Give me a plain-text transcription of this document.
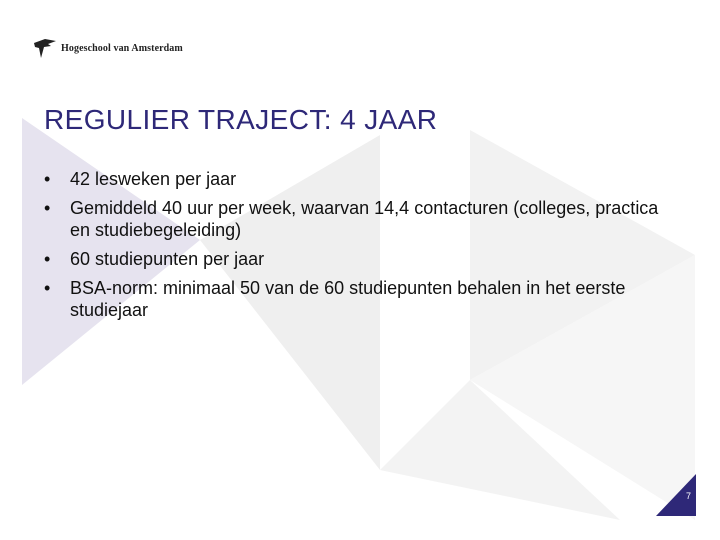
Hogeschool van Amsterdam
REGULIER TRAJECT: 4 JAAR
• 42 lesweken per jaar
• Gemiddeld 40 uur per week, waarvan 14,4 contacturen (colleges, practica en studiebegeleiding)
• 60 studiepunten per jaar
• BSA-norm: minimaal 50 van de 60 studiepunten behalen in het eerste studiejaar
7
